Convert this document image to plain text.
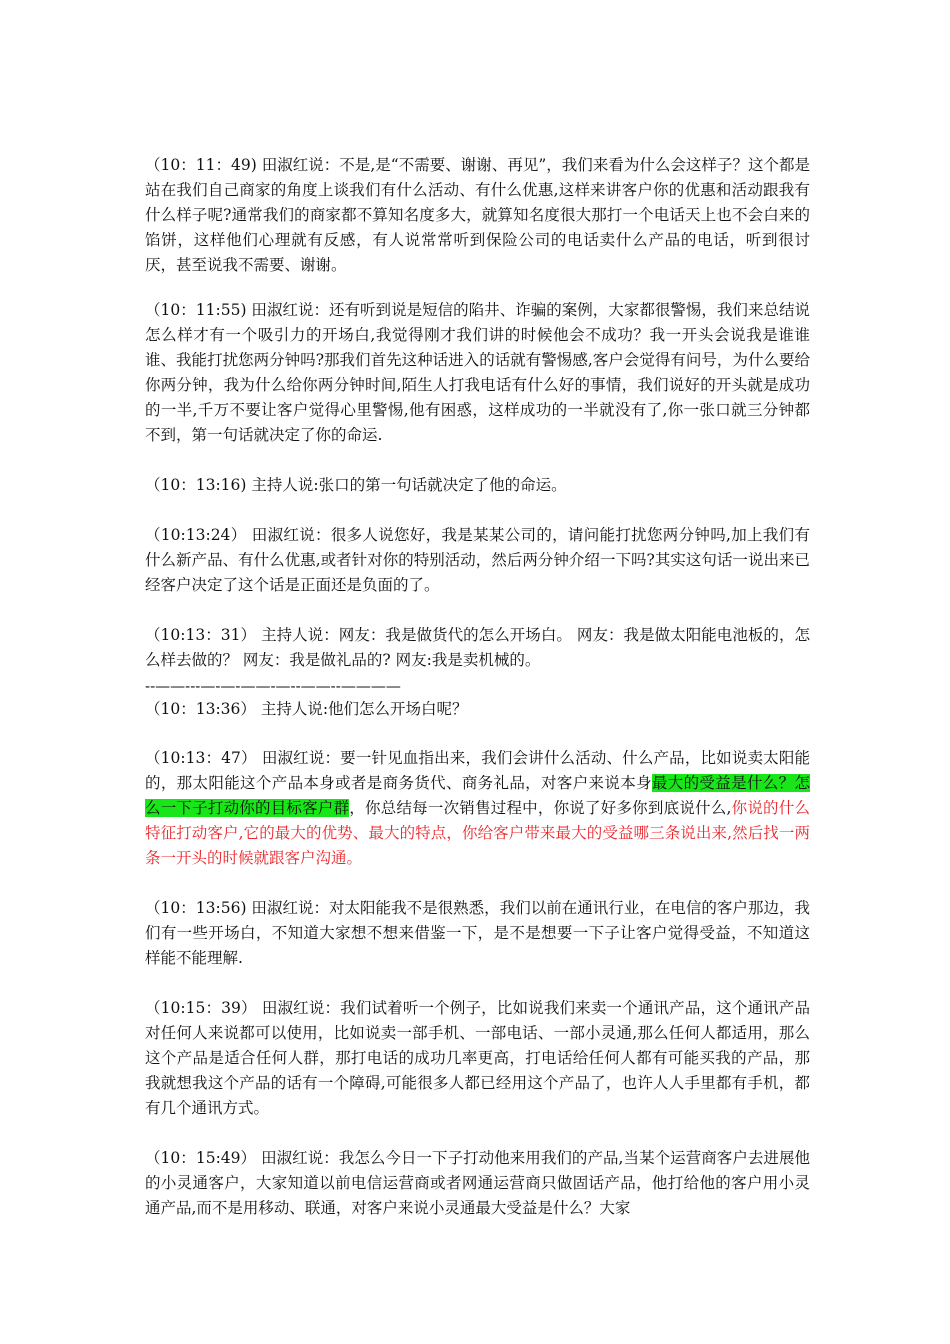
（10：11：49) 田淑红说：不是,是“不需要、谢谢、再见”，我们来看为什么会这样子？这个都是站在我们自己商家的角度上谈我们有什么活动、有什么优惠,这样来讲客户你的优惠和活动跟我有什么样子呢?通常我们的商家都不算知名度多大，就算知名度很大那打一个电话天上也不会白来的馅饼，这样他们心理就有反感，有人说常常听到保险公司的电话卖什么产品的电话，听到很讨厌，甚至说我不需要、谢谢。

（10：11:55) 田淑红说：还有听到说是短信的陷井、诈骗的案例，大家都很警惕，我们来总结说怎么样才有一个吸引力的开场白,我觉得刚才我们讲的时候他会不成功？我一开头会说我是谁谁谁、我能打扰您两分钟吗?那我们首先这种话进入的话就有警惕感,客户会觉得有问号，为什么要给你两分钟，我为什么给你两分钟时间,陌生人打我电话有什么好的事情，我们说好的开头就是成功的一半,千万不要让客户觉得心里警惕,他有困惑，这样成功的一半就没有了,你一张口就三分钟都不到，第一句话就决定了你的命运.

（10：13:16) 主持人说:张口的第一句话就决定了他的命运。

（10:13:24） 田淑红说：很多人说您好，我是某某公司的，请问能打扰您两分钟吗,加上我们有什么新产品、有什么优惠,或者针对你的特别活动，然后两分钟介绍一下吗?其实这句话一说出来已经客户决定了这个话是正面还是负面的了。

（10:13：31） 主持人说：网友：我是做货代的怎么开场白。 网友：我是做太阳能电池板的，怎么样去做的？ 网友：我是做礼品的? 网友:我是卖机械的。

--——---—-—-——-—--——--————

（10：13:36） 主持人说:他们怎么开场白呢？

（10:13：47） 田淑红说：要一针见血指出来，我们会讲什么活动、什么产品，比如说卖太阳能的，那太阳能这个产品本身或者是商务货代、商务礼品，对客户来说本身最大的受益是什么？怎么一下子打动你的目标客户群，你总结每一次销售过程中，你说了好多你到底说什么,你说的什么特征打动客户,它的最大的优势、最大的特点，你给客户带来最大的受益哪三条说出来,然后找一两条一开头的时候就跟客户沟通。

（10：13:56) 田淑红说：对太阳能我不是很熟悉，我们以前在通讯行业，在电信的客户那边，我们有一些开场白，不知道大家想不想来借鉴一下，是不是想要一下子让客户觉得受益，不知道这样能不能理解.

（10:15：39） 田淑红说：我们试着听一个例子，比如说我们来卖一个通讯产品，这个通讯产品对任何人来说都可以使用，比如说卖一部手机、一部电话、一部小灵通,那么任何人都适用，那么这个产品是适合任何人群，那打电话的成功几率更高，打电话给任何人都有可能买我的产品，那我就想我这个产品的话有一个障碍,可能很多人都已经用这个产品了，也许人人手里都有手机，都有几个通讯方式。

（10：15:49） 田淑红说：我怎么今日一下子打动他来用我们的产品,当某个运营商客户去进展他的小灵通客户，大家知道以前电信运营商或者网通运营商只做固话产品，他打给他的客户用小灵通产品,而不是用移动、联通，对客户来说小灵通最大受益是什么？大家
